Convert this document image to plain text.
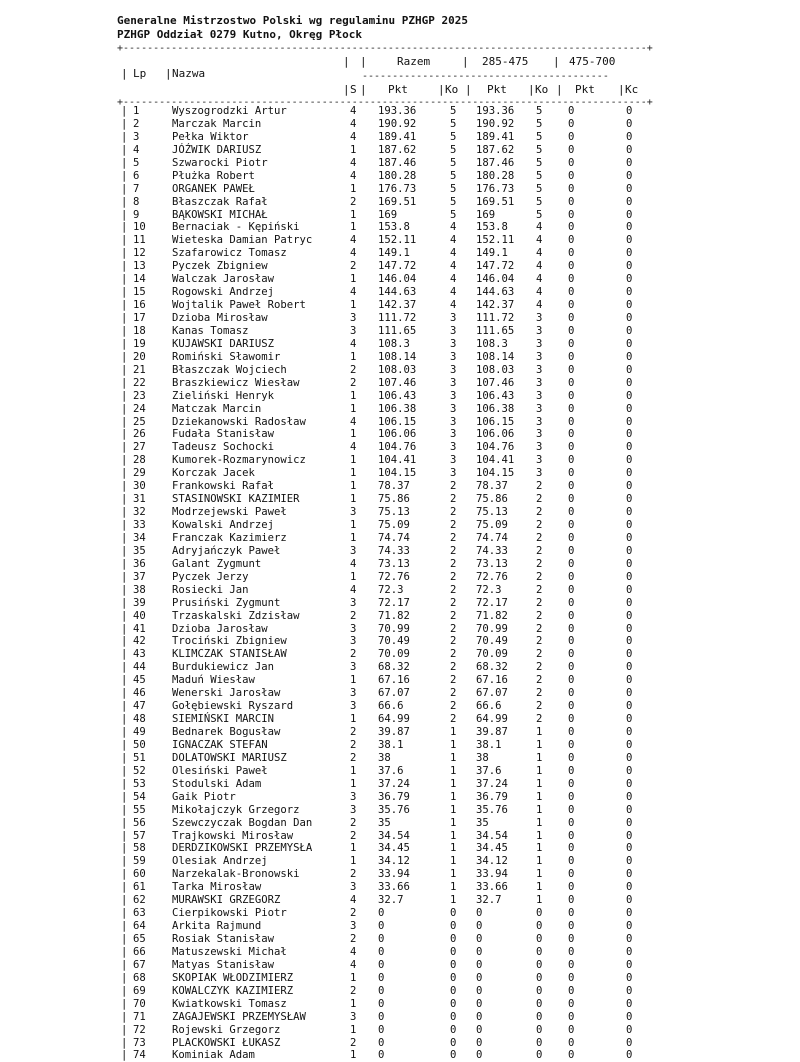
Generalne Mistrzostwo Polski wg regulaminu PZHGP 2025
PZHGP Oddział 0279 Kutno, Okręg Płock
+---------------------------------------------------------------------------------------+
| Lp | Nazwa
|
| S
|	Razem	| 285-475 | 475-700
-----------------------------------------
| Pkt	| Ko | Pkt | Ko | Pkt | Kc
+---------------------------------------------------------------------------------------+
| 1	Wyszogrodzki Artur	4 193.36	5 193.36 5 0	0
| 2	Marczak Marcin	4 190.92	5 190.92 5 0	0
| 3	Pełka Wiktor	4 189.41	5 189.41 5 0	0
| 4	JÓŹWIK DARIUSZ	1 187.62	5 187.62 5 0	0
| 5	Szwarocki Piotr	4 187.46	5 187.46 5 0	0
| 6	Płużka Robert	4 180.28	5 180.28 5 0	0
| 7	ORGANEK PAWEŁ	1 176.73	5 176.73 5 0	0
| 8	Błaszczak Rafał	2 169.51	5 169.51 5 0	0
| 9	BĄKOWSKI MICHAŁ	1 169	5 169	5 0	0
| 10 Bernaciak - Kępiński	1 153.8	4 153.8	4 0	0
| 11 Wieteska Damian Patryc	4 152.11	4 152.11 4 0	0
| 12 Szafarowicz Tomasz	4 149.1	4 149.1	4 0	0
| 13 Pyczek Zbigniew	2 147.72	4 147.72 4 0	0
| 14 Walczak Jarosław	1 146.04	4 146.04 4 0	0
| 15 Rogowski Andrzej	4 144.63	4 144.63 4 0	0
| 16 Wojtalik Paweł Robert	1 142.37	4 142.37 4 0	0
| 17 Dzioba Mirosław	3 111.72	3 111.72 3 0	0
| 18 Kanas Tomasz	3 111.65	3 111.65 3 0	0
| 19 KUJAWSKI DARIUSZ	4 108.3	3 108.3	3 0	0
| 20 Romiński Sławomir	1 108.14	3 108.14 3 0	0
| 21 Błaszczak Wojciech	2 108.03	3 108.03 3 0	0
| 22 Braszkiewicz Wiesław	2 107.46	3 107.46 3 0	0
| 23 Zieliński Henryk	1 106.43	3 106.43 3 0	0
| 24 Matczak Marcin	1 106.38	3 106.38 3 0	0
| 25 Dziekanowski Radosław	4 106.15	3 106.15 3 0	0
| 26 Fudała Stanisław	1 106.06	3 106.06 3 0	0
| 27 Tadeusz Sochocki	4 104.76	3 104.76 3 0	0
| 28 Kumorek-Rozmarynowicz	1 104.41	3 104.41 3 0	0
| 29 Korczak Jacek	1 104.15	3 104.15 3 0	0
| 30 Frankowski Rafał	1 78.37	2 78.37	2 0	0
| 31 STASINOWSKI KAZIMIER	1 75.86	2 75.86	2 0	0
| 32 Modrzejewski Paweł	3 75.13	2 75.13	2 0	0
| 33 Kowalski Andrzej	1 75.09	2 75.09	2 0	0
| 34 Franczak Kazimierz	1 74.74	2 74.74	2 0	0
| 35 Adryjańczyk Paweł	3 74.33	2 74.33	2 0	0
| 36 Galant Zygmunt	4 73.13	2 73.13	2 0	0
| 37 Pyczek Jerzy	1 72.76	2 72.76	2 0	0
| 38 Rosiecki Jan	4 72.3	2 72.3	2 0	0
| 39 Prusiński Zygmunt	3 72.17	2 72.17	2 0	0
| 40 Trzaskalski Zdzisław	2 71.82	2 71.82	2 0	0
| 41 Dzioba Jarosław	3 70.99	2 70.99	2 0	0
| 42 Trociński Zbigniew	3 70.49	2 70.49	2 0	0
| 43 KLIMCZAK STANISŁAW	2 70.09	2 70.09	2 0	0
| 44 Burdukiewicz Jan	3 68.32	2 68.32	2 0	0
| 45 Maduń Wiesław	1 67.16	2 67.16	2 0	0
| 46 Wenerski Jarosław	3 67.07	2 67.07	2 0	0
| 47 Gołębiewski Ryszard	3 66.6	2 66.6	2 0	0
| 48 SIEMIŃSKI MARCIN	1 64.99	2 64.99	2 0	0
| 49 Bednarek Bogusław	2 39.87	1 39.87	1 0	0
| 50 IGNACZAK STEFAN	2 38.1	1 38.1	1 0	0
| 51 DOLATOWSKI MARIUSZ	2 38	1 38	1 0	0
| 52 Olesiński Paweł	1 37.6	1 37.6	1 0	0
| 53 Stodulski Adam	1 37.24	1 37.24	1 0	0
| 54 Gaik Piotr	3 36.79	1 36.79	1 0	0
| 55 Mikołajczyk Grzegorz	3 35.76	1 35.76	1 0	0
| 56 Szewczyczak Bogdan Dan	2 35	1 35	1 0	0
| 57 Trajkowski Mirosław	2 34.54	1 34.54	1 0	0
| 58 DERDZIKOWSKI PRZEMYSŁA	1 34.45	1 34.45	1 0	0
| 59 Olesiak Andrzej	1 34.12	1 34.12	1 0	0
| 60 Narzekalak-Bronowski	2 33.94	1 33.94	1 0	0
| 61 Tarka Mirosław	3 33.66	1 33.66	1 0	0
| 62 MURAWSKI GRZEGORZ	4 32.7	1 32.7	1 0	0
| 63 Cierpikowski Piotr	2 0	0 0	0 0	0
| 64 Arkita Rajmund	3 0	0 0	0 0	0
| 65 Rosiak Stanisław	2 0	0 0	0 0	0
| 66 Matuszewski Michał	4 0	0 0	0 0	0
| 67 Matyas Stanisław	4 0	0 0	0 0	0
| 68 SKOPIAK WŁODZIMIERZ	1 0	0 0	0 0	0
| 69 KOWALCZYK KAZIMIERZ	2 0	0 0	0 0	0
| 70 Kwiatkowski Tomasz	1 0	0 0	0 0	0
| 71 ZAGAJEWSKI PRZEMYSŁAW	3 0	0 0	0 0	0
| 72 Rojewski Grzegorz	1 0	0 0	0 0	0
| 73 PLACKOWSKI ŁUKASZ	2 0	0 0	0 0	0
| 74 Kominiak Adam	1 0	0 0	0 0	0
